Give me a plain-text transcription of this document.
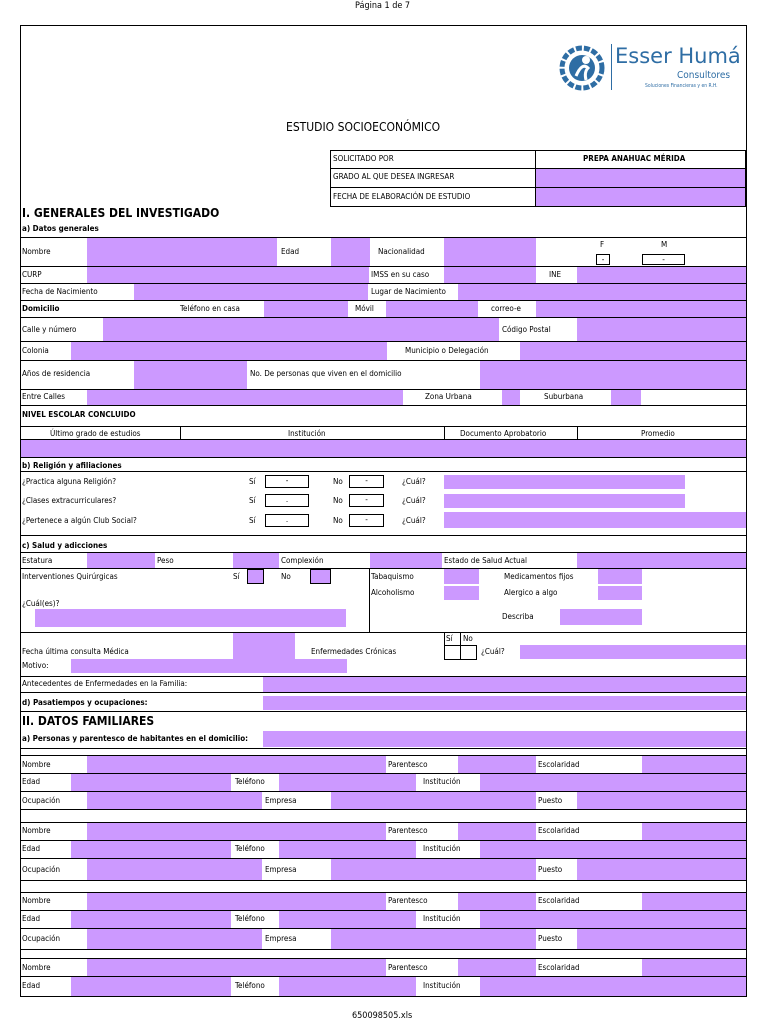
Página 1 de 7
650098505.xls
Esser Humá
Consultores
Soluciones Financieras y en R.H.
ESTUDIO SOCIOECONÓMICO
SOLICITADO POR	PREPA ANAHUAC MÉRIDA
GRADO AL QUE DESEA INGRESAR
FECHA DE ELABORACIÓN DE ESTUDIO
I. GENERALES DEL INVESTIGADO
a) Datos generales
Nombre	Edad	Nacionalidad
F	M
-	-
CURP	IMSS en su caso	INE
Fecha de Nacimiento	Lugar de Nacimiento
Domicilio	Teléfono en casa	Móvil	correo-e
Calle y número	Código Postal
Colonia	Municipio o Delegación
Años de residencia	No. De personas que viven en el domicilio
Entre Calles	Zona Urbana	Suburbana
NIVEL ESCOLAR CONCLUIDO
Último grado de estudios	Institución	Documento Aprobatorio	Promedio
b) Religión y afiliaciones
¿Practica alguna Religión?	Sí	-	No	-	¿Cuál?
¿Clases extracurriculares?	Sí	.	No	-	¿Cuál?
¿Pertenece a algún Club Social?	Sí	.	No	-	¿Cuál?
c) Salud y adicciones
Estatura	Peso	Complexión	Estado de Salud Actual
Interventiones Quirúrgicas	Sí	No	Tabaquismo	Medicamentos fijos
Alcoholismo	Alergico a algo
¿Cuál(es)?
Describa
Sí No
Fecha última consulta Médica	Enfermedades Crónicas	¿Cuál?
Motivo:
Antecedentes de Enfermedades en la Familia:
d) Pasatiempos y ocupaciones:
II. DATOS FAMILIARES
a) Personas y parentesco de habitantes en el domicilio:
Nombre	Parentesco	Escolaridad
Edad	Teléfono	Institución
Ocupación	Empresa	Puesto
Nombre	Parentesco	Escolaridad
Edad	Teléfono	Institución
Ocupación	Empresa	Puesto
Nombre	Parentesco	Escolaridad
Edad	Teléfono	Institución
Ocupación	Empresa	Puesto
Nombre	Parentesco	Escolaridad
Edad	Teléfono	Institución
